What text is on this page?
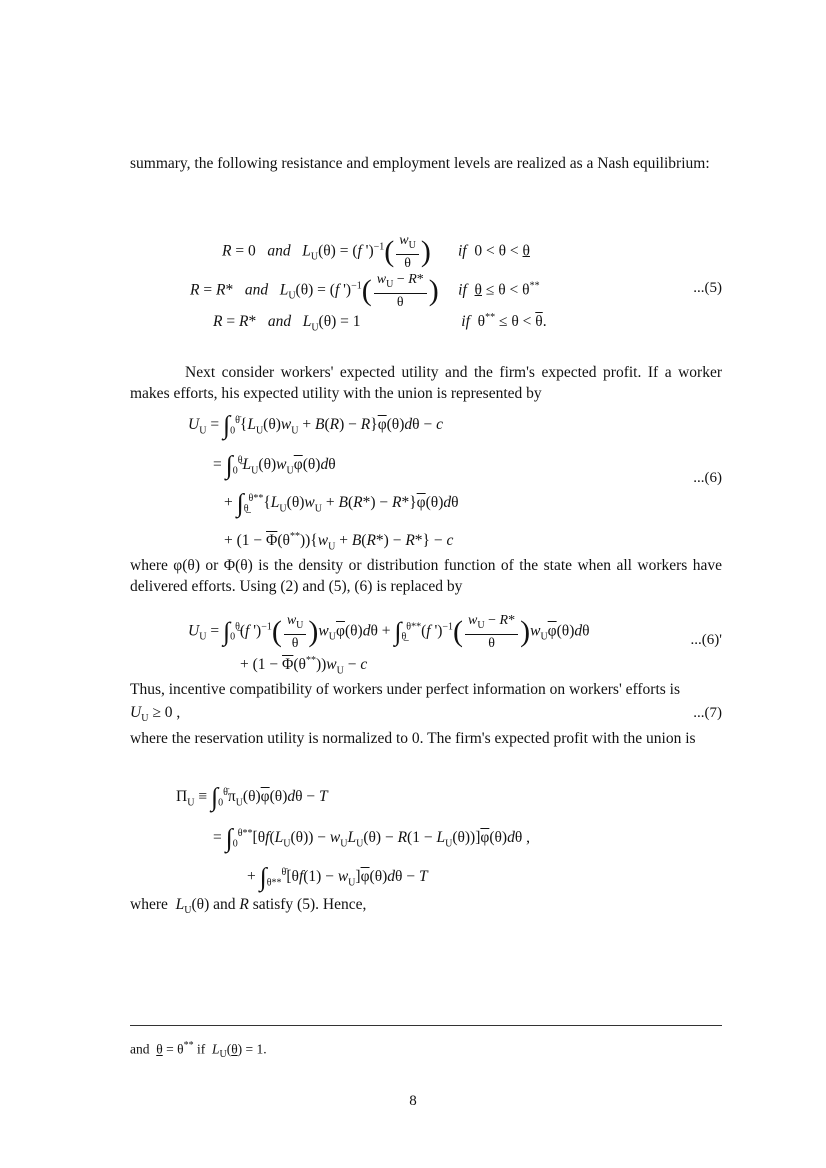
summary, the following resistance and employment levels are realized as a Nash equilibrium:
R = 0   and $L_U(\theta) = (f$ ')$^{-1}( \frac{w_U}{\theta}$ ) if  0 < θ < θ
R = R*   and $L_U(\theta) = (f$ ')$^{-1}( \frac{w_U - R*}{\theta}$ ) if θ ≤ θ < θ**	...(5)
R = R*   and $L_U(\theta) = 1$                          if  $\theta^{**} \le \theta < \overline{\theta}$.
Next consider workers' expected utility and the firm's expected profit. If a worker makes efforts, his expected utility with the union is represented by
$U_U = \int_0^{\thetā}\{L_U(\theta)w_U + B(R) - R\}\overline{\varphi}(\theta)d\theta - c$
= $\int_0^{\theta̲}L_U(\theta)w_U\overline{\varphi}(\theta)d\theta$
...(6)
+ $\int_{\theta̲}^{\theta**}\{L_U(\theta)w_U + B(R*) - R*\}\overline{\varphi}(\theta)d\theta$
+ $(1 - \overline{\Phi}(\theta^{**}))\{w_U + B(R*) - R*\} - c$
where φ(θ) or Φ(θ) is the density or distribution function of the state when all workers have delivered efforts. Using (2) and (5), (6) is replaced by
$U_U = \int_0^{\theta̲}(f$ ')$^{-1}( \frac{w_U}{\theta} )w_U\overline{\varphi}(\theta)d\theta + \int_{\theta̲}^{\theta**}(f$ ')$^{-1}( \frac{w_U - R*}{\theta} )w_U\overline{\varphi}(\theta)d\theta$
...(6)'
+ $(1 - \overline{\Phi}(\theta^{**}))w_U - c$
Thus, incentive compatibility of workers under perfect information on workers' efforts is
$U_U \ge 0$ ,	...(7)
where the reservation utility is normalized to 0. The firm's expected profit with the union is
$\Pi_U \equiv \int_0^{\thetā}\pi_U(\theta)\overline{\varphi}(\theta)d\theta - T$
= $\int_0^{\theta**}[\theta f(L_U(\theta)) - w_UL_U(\theta) - R(1 - L_U(\theta))]\overline{\varphi}(\theta)d\theta$ ,
+ $\int_{\theta**}^{\thetā}[\theta f(1) - w_U]\overline{\varphi}(\theta)d\theta - T$
where  $L_U(\theta)$ and R satisfy (5). Hence,
and  θ = θ** if  $L_U(\theta) = 1$.
8
